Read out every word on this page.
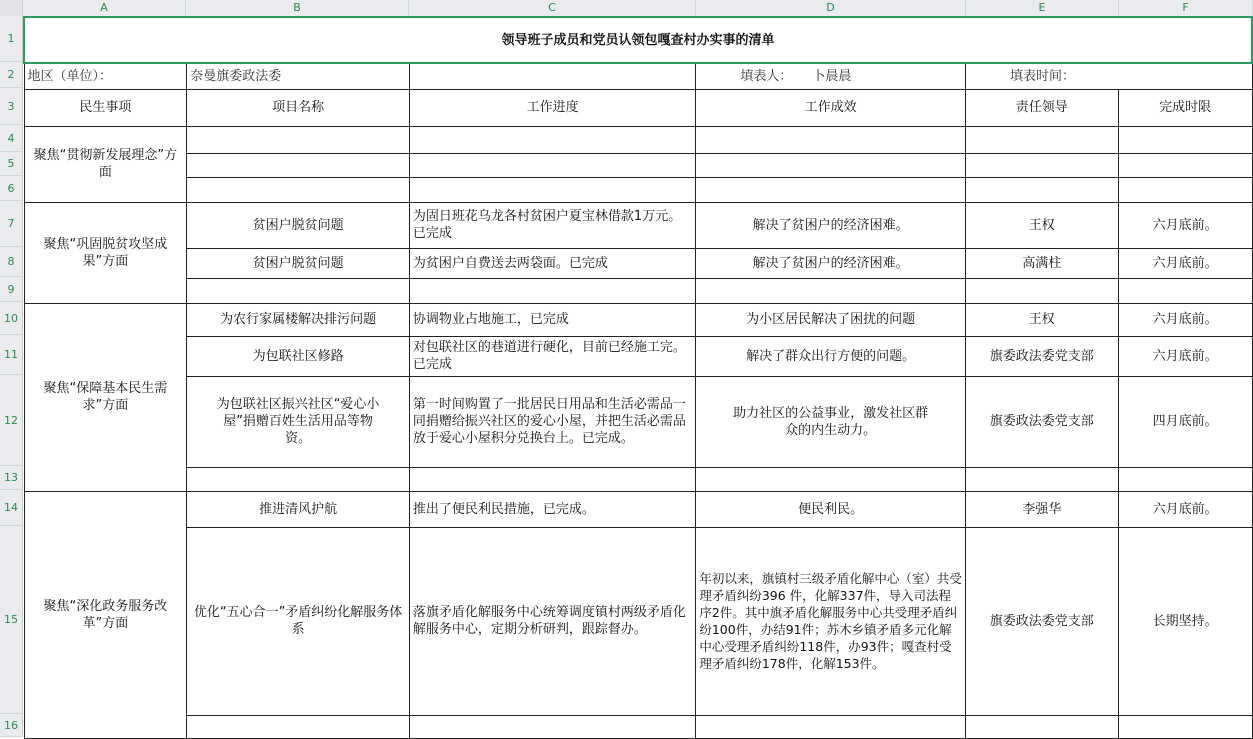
A	B	C	D	E	F
1
2
3
4
5
6
7
8
9
10
11
12
13
14
15
16
领导班子成员和党员认领包嘎查村办实事的清单					
地区（单位）：	奈曼旗委政法委		填表人： 卜晨晨	填表时间：	
民生事项	项目名称	工作进度	工作成效	责任领导	完成时限
聚焦“贯彻新发展理念”方面					

聚焦“巩固脱贫攻坚成果”方面	贫困户脱贫问题	为固日班花乌龙各村贫困户夏宝林借款1万元。已完成	解决了贫困户的经济困难。	王权	六月底前。
	贫困户脱贫问题	为贫困户自费送去两袋面。已完成	解决了贫困户的经济困难。	高满柱	六月底前。

聚焦“保障基本民生需求”方面	为农行家属楼解决排污问题	协调物业占地施工，已完成	为小区居民解决了困扰的问题	王权	六月底前。
	为包联社区修路	对包联社区的巷道进行硬化，目前已经施工完。已完成	解决了群众出行方便的问题。	旗委政法委党支部	六月底前。
	为包联社区振兴社区“爱心小屋”捐赠百姓生活用品等物资。	第一时间购置了一批居民日用品和生活必需品一同捐赠给振兴社区的爱心小屋，并把生活必需品放于爱心小屋积分兑换台上。已完成。	助力社区的公益事业，激发社区群众的内生动力。	旗委政法委党支部	四月底前。

聚焦“深化政务服务改革”方面	推进清风护航	推出了便民利民措施，已完成。	便民利民。	李强华	六月底前。
	优化“五心合一”矛盾纠纷化解服务体系	落旗矛盾化解服务中心统筹调度镇村两级矛盾化解服务中心，定期分析研判，跟踪督办。	年初以来，旗镇村三级矛盾化解中心（室）共受理矛盾纠纷396 件，化解337件，导入司法程序2件。其中旗矛盾化解服务中心共受理矛盾纠纷100件，办结91件；苏木乡镇矛盾多元化解中心受理矛盾纠纷118件，办93件；嘎查村受理矛盾纠纷178件，化解153件。	旗委政法委党支部	长期坚持。
